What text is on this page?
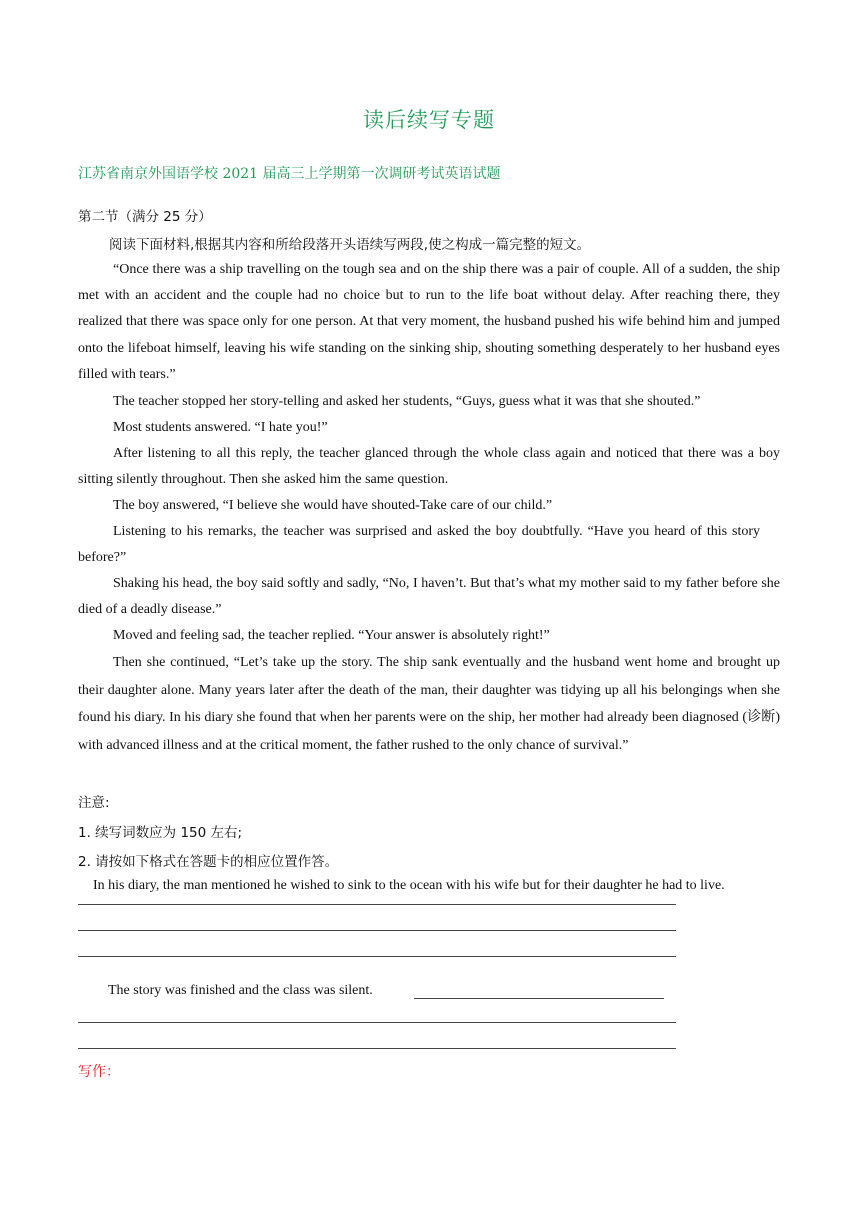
读后续写专题
江苏省南京外国语学校 2021 届高三上学期第一次调研考试英语试题
第二节（满分 25 分）
阅读下面材料,根据其内容和所给段落开头语续写两段,使之构成一篇完整的短文。
“Once there was a ship travelling on the tough sea and on the ship there was a pair of couple. All of a sudden, the ship met with an accident and the couple had no choice but to run to the life boat without delay. After reaching there, they realized that there was space only for one person. At that very moment, the husband pushed his wife behind him and jumped onto the lifeboat himself, leaving his wife standing on the sinking ship, shouting something desperately to her husband eyes filled with tears.”
The teacher stopped her story-telling and asked her students, “Guys, guess what it was that she shouted.”
Most students answered. “I hate you!”
After listening to all this reply, the teacher glanced through the whole class again and noticed that there was a boy sitting silently throughout. Then she asked him the same question.
The boy answered, “I believe she would have shouted-Take care of our child.”
Listening to his remarks, the teacher was surprised and asked the boy doubtfully. “Have you heard of this story before?”
Shaking his head, the boy said softly and sadly, “No, I haven’t. But that’s what my mother said to my father before she died of a deadly disease.”
Moved and feeling sad, the teacher replied. “Your answer is absolutely right!”
Then she continued, “Let’s take up the story. The ship sank eventually and the husband went home and brought up their daughter alone. Many years later after the death of the man, their daughter was tidying up all his belongings when she found his diary. In his diary she found that when her parents were on the ship, her mother had already been diagnosed (诊断) with advanced illness and at the critical moment, the father rushed to the only chance of survival.”
注意:
1. 续写词数应为 150 左右;
2. 请按如下格式在答题卡的相应位置作答。
In his diary, the man mentioned he wished to sink to the ocean with his wife but for their daughter he had to live.
The story was finished and the class was silent.
写作：
